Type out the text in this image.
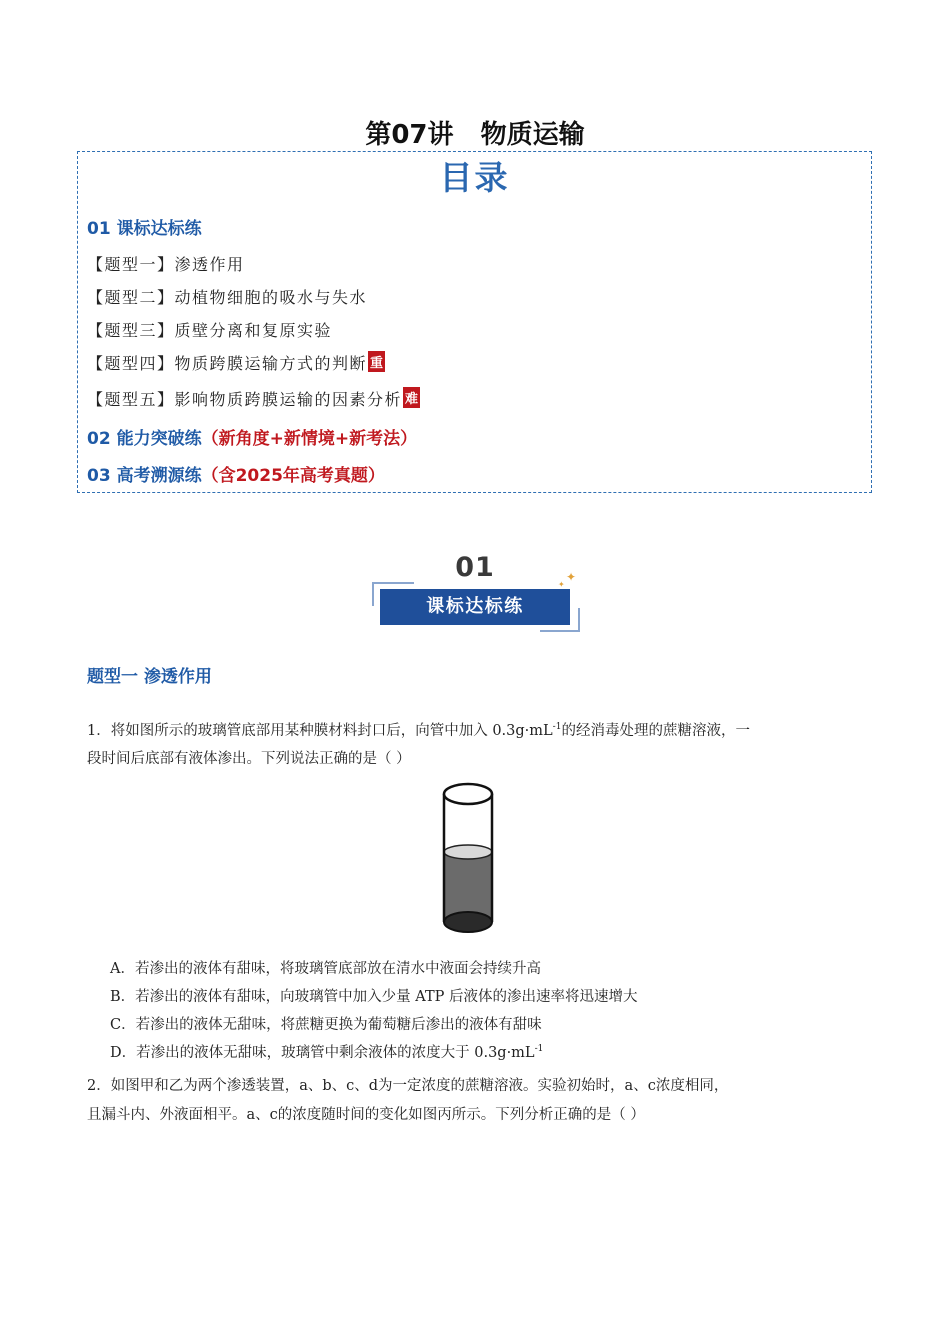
第07讲   物质运输
目录
01 课标达标练
【题型一】渗透作用
【题型二】动植物细胞的吸水与失水
【题型三】质壁分离和复原实验
【题型四】物质跨膜运输方式的判断 重
【题型五】影响物质跨膜运输的因素分析 难
02 能力突破练（新角度+新情境+新考法）
03 高考溯源练（含2025年高考真题）
01
课标达标练
✦
✦
题型一 渗透作用
1．将如图所示的玻璃管底部用某种膜材料封口后，向管中加入 $0.3g\cdot mL^{-1}$的经消毒处理的蔗糖溶液，一
段时间后底部有液体渗出。下列说法正确的是（ ）
A．若渗出的液体有甜味，将玻璃管底部放在清水中液面会持续升高
B．若渗出的液体有甜味，向玻璃管中加入少量 ATP 后液体的渗出速率将迅速增大
C．若渗出的液体无甜味，将蔗糖更换为葡萄糖后渗出的液体有甜味
D．若渗出的液体无甜味，玻璃管中剩余液体的浓度大于 $0.3g\cdot mL^{-1}$
2．如图甲和乙为两个渗透装置，a、b、c、d为一定浓度的蔗糖溶液。实验初始时，a、c浓度相同，
且漏斗内、外液面相平。a、c的浓度随时间的变化如图丙所示。下列分析正确的是（ ）
